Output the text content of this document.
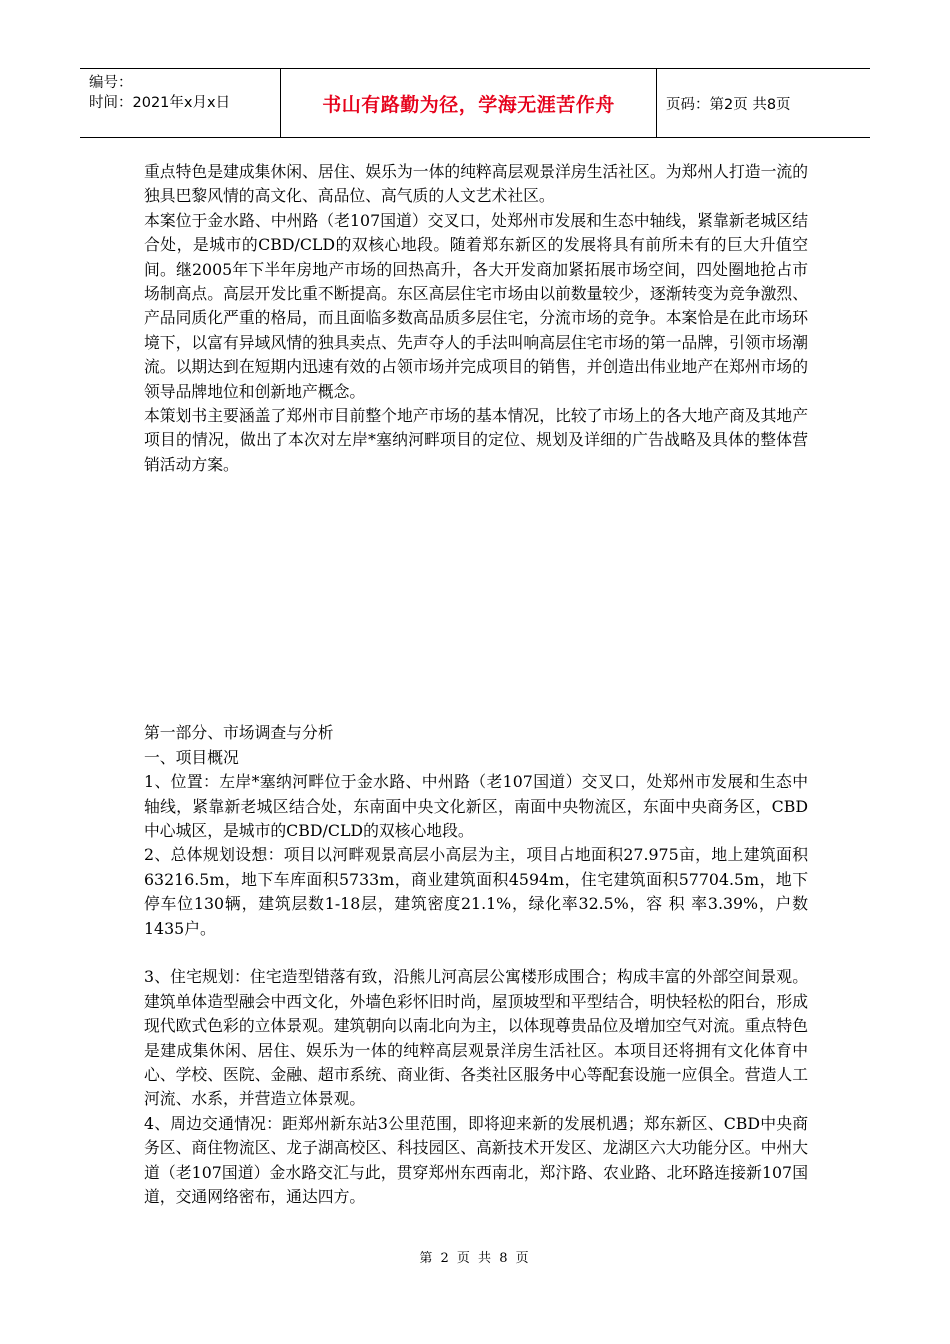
编号：
时间：2021年x月x日	书山有路勤为径，学海无涯苦作舟	页码：第2页 共8页

重点特色是建成集休闲、居住、娱乐为一体的纯粹高层观景洋房生活社区。为郑州人打造一流的独具巴黎风情的高文化、高品位、高气质的人文艺术社区。

本案位于金水路、中州路（老107国道）交叉口，处郑州市发展和生态中轴线，紧靠新老城区结合处，是城市的CBD/CLD的双核心地段。随着郑东新区的发展将具有前所未有的巨大升值空间。继2005年下半年房地产市场的回热高升，各大开发商加紧拓展市场空间，四处圈地抢占市场制高点。高层开发比重不断提高。东区高层住宅市场由以前数量较少，逐渐转变为竞争激烈、产品同质化严重的格局，而且面临多数高品质多层住宅，分流市场的竞争。本案恰是在此市场环境下，以富有异域风情的独具卖点、先声夺人的手法叫响高层住宅市场的第一品牌，引领市场潮流。以期达到在短期内迅速有效的占领市场并完成项目的销售，并创造出伟业地产在郑州市场的领导品牌地位和创新地产概念。

本策划书主要涵盖了郑州市目前整个地产市场的基本情况，比较了市场上的各大地产商及其地产项目的情况，做出了本次对左岸*塞纳河畔项目的定位、规划及详细的广告战略及具体的整体营销活动方案。

第一部分、市场调查与分析

一、项目概况

1、位置：左岸*塞纳河畔位于金水路、中州路（老107国道）交叉口，处郑州市发展和生态中轴线，紧靠新老城区结合处，东南面中央文化新区，南面中央物流区，东面中央商务区，CBD中心城区，是城市的CBD/CLD的双核心地段。

2、总体规划设想：项目以河畔观景高层小高层为主，项目占地面积27.975亩，地上建筑面积63216.5m，地下车库面积5733m，商业建筑面积4594m，住宅建筑面积57704.5m，地下停车位130辆，建筑层数1-18层，建筑密度21.1%，绿化率32.5%，容 积 率3.39%，户数1435户。

3、住宅规划：住宅造型错落有致，沿熊儿河高层公寓楼形成围合；构成丰富的外部空间景观。建筑单体造型融会中西文化，外墙色彩怀旧时尚，屋顶坡型和平型结合，明快轻松的阳台，形成现代欧式色彩的立体景观。建筑朝向以南北向为主，以体现尊贵品位及增加空气对流。重点特色是建成集休闲、居住、娱乐为一体的纯粹高层观景洋房生活社区。本项目还将拥有文化体育中心、学校、医院、金融、超市系统、商业街、各类社区服务中心等配套设施一应俱全。营造人工河流、水系，并营造立体景观。

4、周边交通情况：距郑州新东站3公里范围，即将迎来新的发展机遇；郑东新区、CBD中央商务区、商住物流区、龙子湖高校区、科技园区、高新技术开发区、龙湖区六大功能分区。中州大道（老107国道）金水路交汇与此，贯穿郑州东西南北，郑汴路、农业路、北环路连接新107国道，交通网络密布，通达四方。

第 2 页 共 8 页
